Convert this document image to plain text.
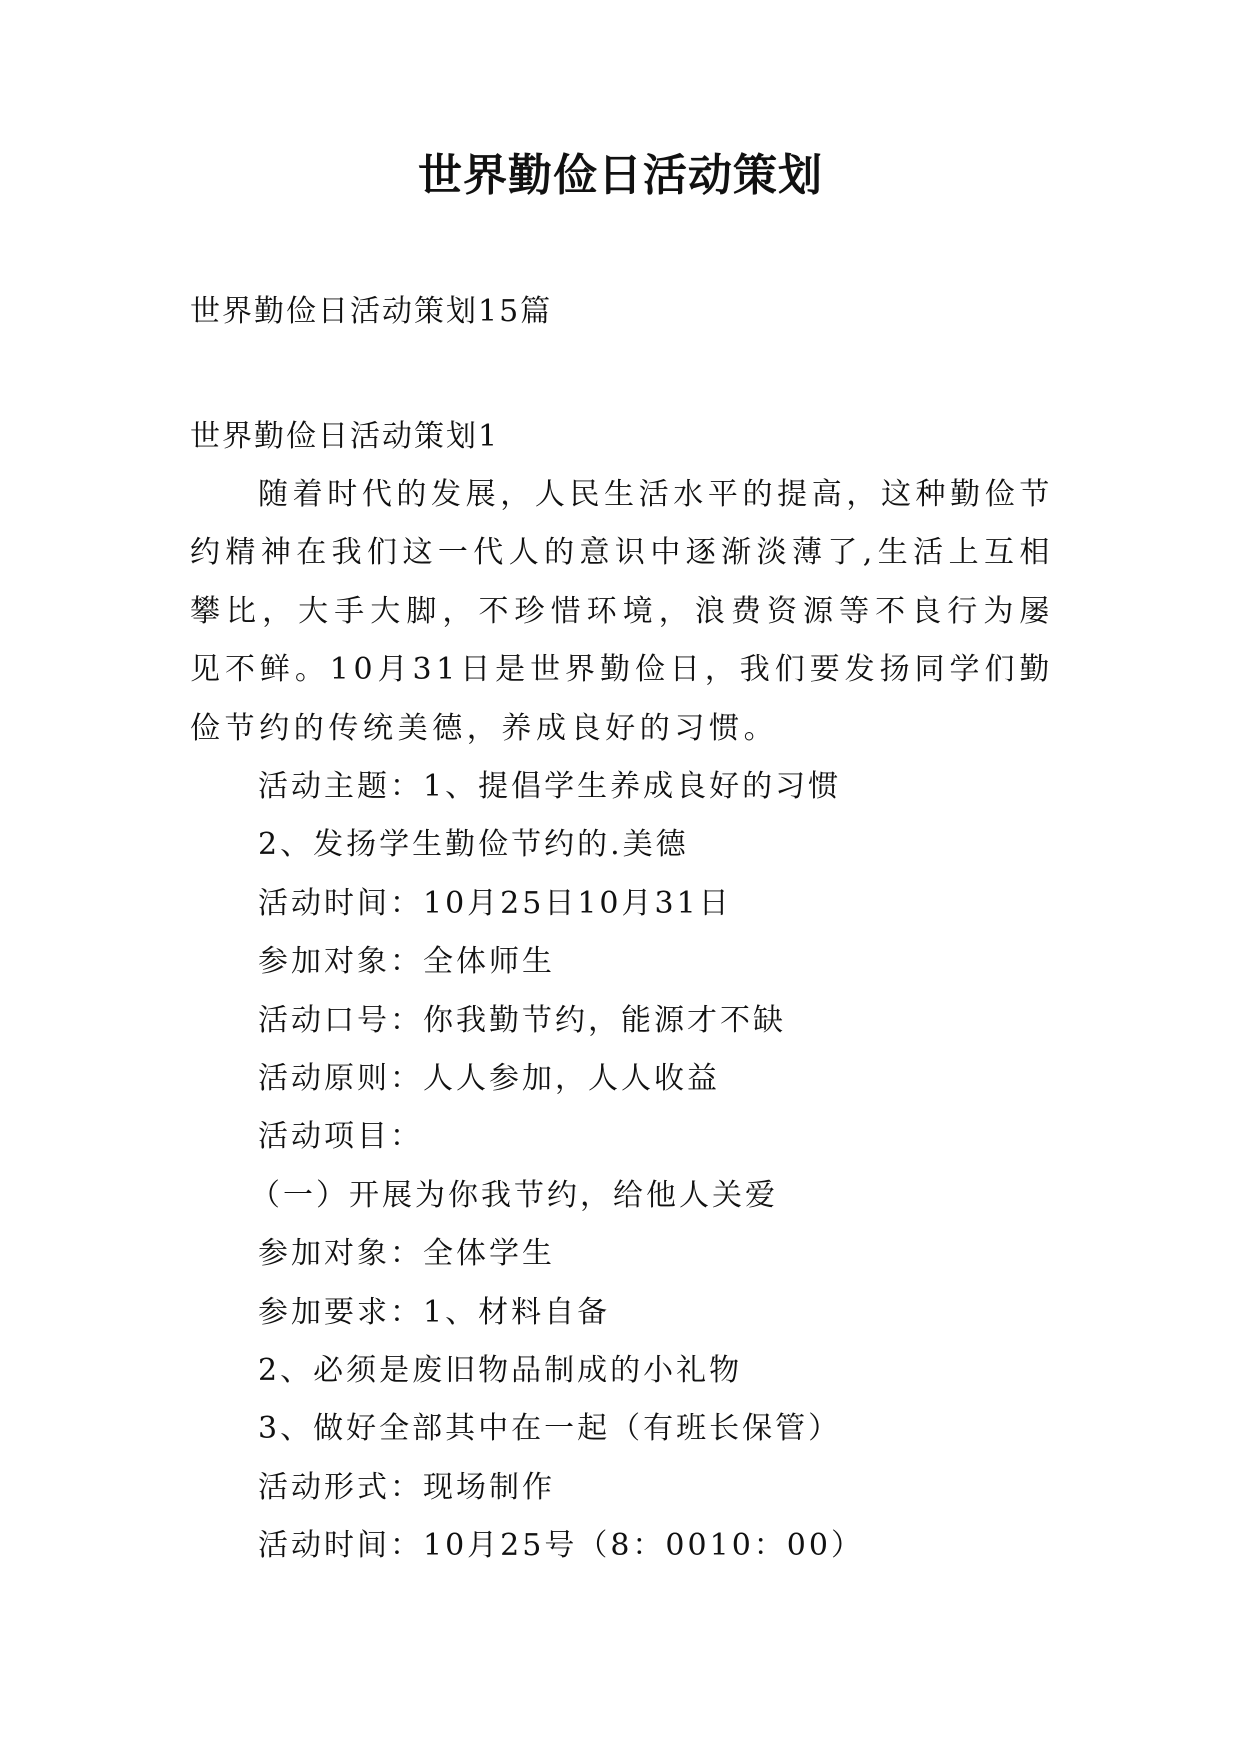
世界勤俭日活动策划
世界勤俭日活动策划15篇
世界勤俭日活动策划1

随着时代的发展，人民生活水平的提高，这种勤俭节约精神在我们这一代人的意识中逐渐淡薄了,生活上互相攀比，大手大脚，不珍惜环境，浪费资源等不良行为屡见不鲜。10月31日是世界勤俭日，我们要发扬同学们勤俭节约的传统美德，养成良好的习惯。

活动主题：1、提倡学生养成良好的习惯
2、发扬学生勤俭节约的.美德
活动时间：10月25日10月31日
参加对象：全体师生
活动口号：你我勤节约，能源才不缺
活动原则：人人参加，人人收益
活动项目：
（一）开展为你我节约，给他人关爱
参加对象：全体学生
参加要求：1、材料自备
2、必须是废旧物品制成的小礼物
3、做好全部其中在一起（有班长保管）
活动形式：现场制作
活动时间：10月25号（8：0010：00）
